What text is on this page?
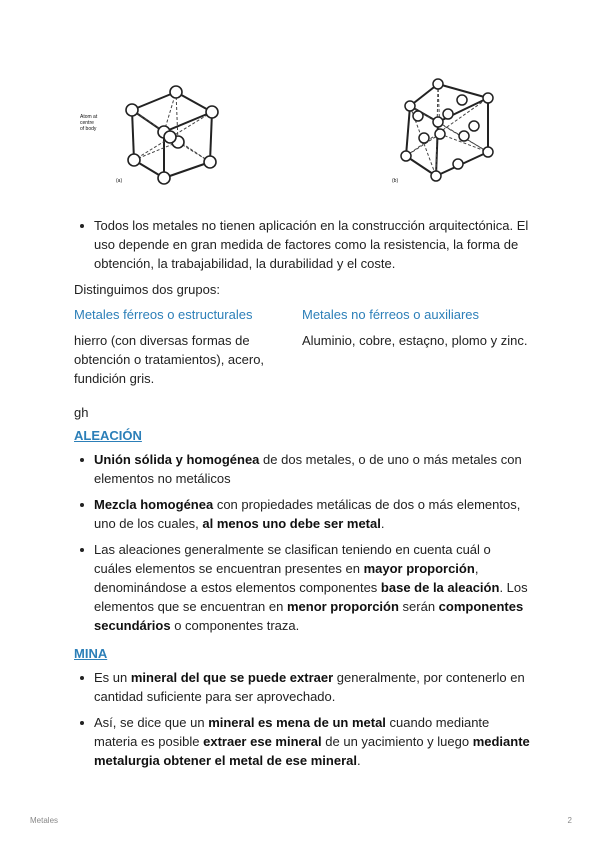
Atom at
centre
of body
(a)	(b)
Todos los metales no tienen aplicación en la construcción arquitectónica. El uso depende en gran medida de factores como la resistencia, la forma de obtención, la trabajabilidad, la durabilidad y el coste.

Distinguimos dos grupos:

Metales férreos o estructurales
hierro (con diversas formas de obtención o tratamientos), acero, fundición gris.
Metales no férreos o auxiliares
Aluminio, cobre, estaçno, plomo y zinc.

gh

ALEACIÓN
Unión sólida y homogénea de dos metales, o de uno o más metales con elementos no metálicos
Mezcla homogénea con propiedades metálicas de dos o más elementos, uno de los cuales, al menos uno debe ser metal.
Las aleaciones generalmente se clasifican teniendo en cuenta cuál o cuáles elementos se encuentran presentes en mayor proporción, denominándose a estos elementos componentes base de la aleación. Los elementos que se encuentran en menor proporción serán componentes secundários o componentes traza.
MINA
Es un mineral del que se puede extraer generalmente, por contenerlo en cantidad suficiente para ser aprovechado.
Así, se dice que un mineral es mena de un metal cuando mediante materia es posible extraer ese mineral de un yacimiento y luego mediante metalurgia obtener el metal de ese mineral.
Metales	2
